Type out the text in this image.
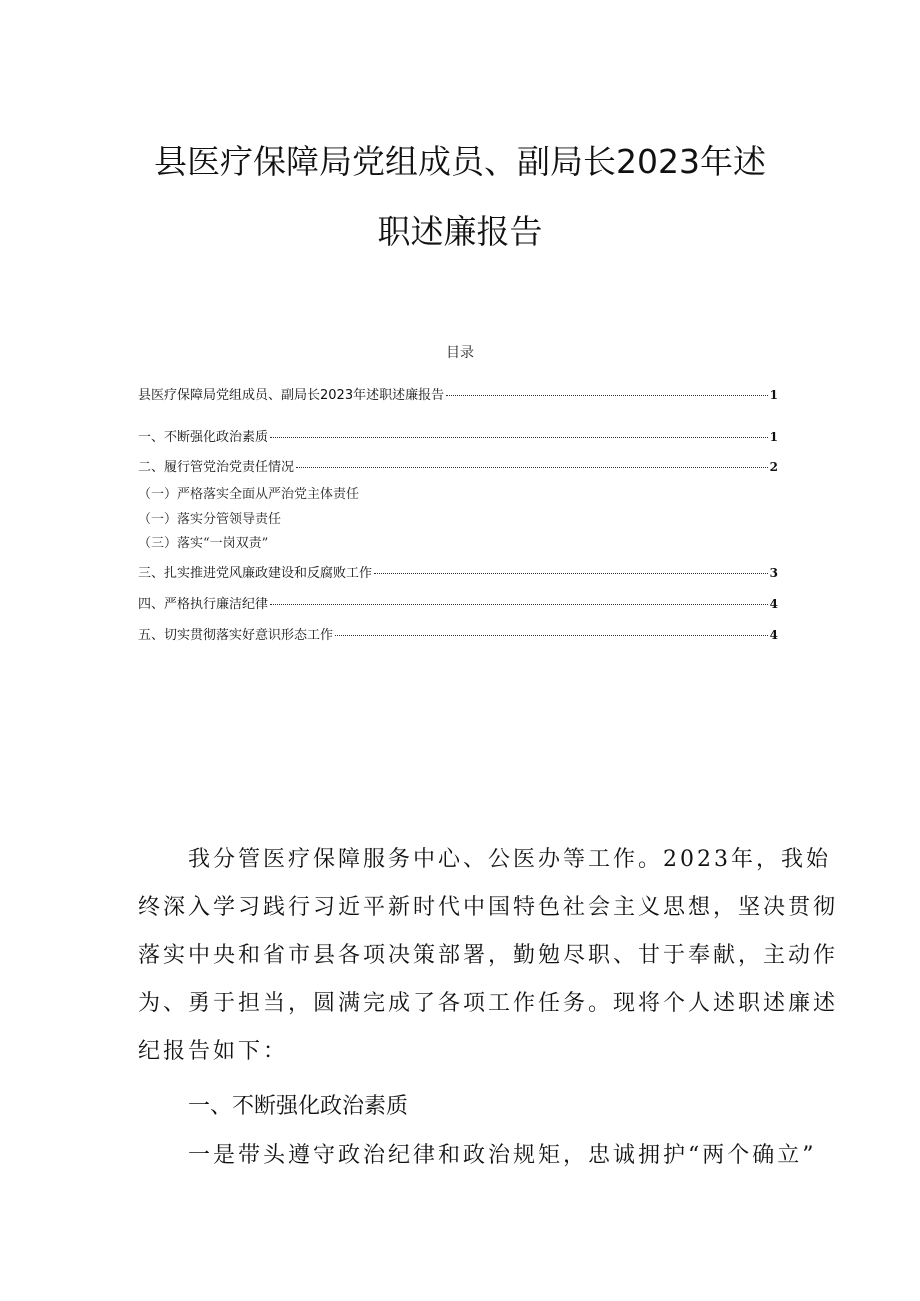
县医疗保障局党组成员、副局长2023年述
职述廉报告
目录
县医疗保障局党组成员、副局长2023年述职述廉报告	1
一、不断强化政治素质	1
二、履行管党治党责任情况	2
（一）严格落实全面从严治党主体责任
（一）落实分管领导责任
（三）落实“一岗双责”
三、扎实推进党风廉政建设和反腐败工作	3
四、严格执行廉洁纪律	4
五、切实贯彻落实好意识形态工作	4
我分管医疗保障服务中心、公医办等工作。2023年，我始
终深入学习践行习近平新时代中国特色社会主义思想，坚决贯彻
落实中央和省市县各项决策部署，勤勉尽职、甘于奉献，主动作
为、勇于担当，圆满完成了各项工作任务。现将个人述职述廉述
纪报告如下：
一、不断强化政治素质
一是带头遵守政治纪律和政治规矩，忠诚拥护“两个确立”
